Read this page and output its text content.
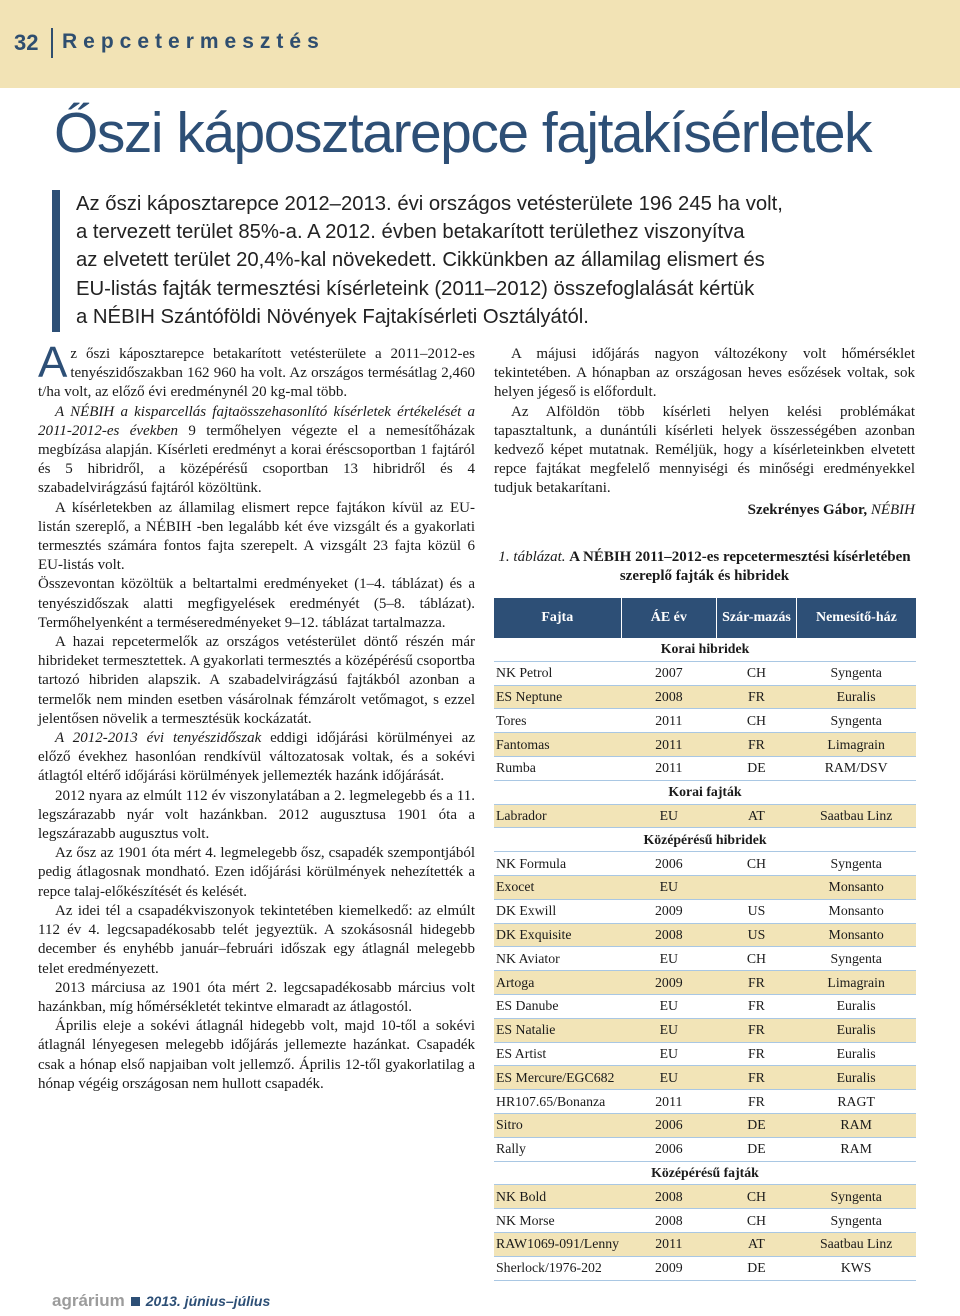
32 Repcetermesztés
Őszi káposztarepce fajtakísérletek

Az őszi káposztarepce 2012–2013. évi országos vetésterülete 196 245 ha volt,

a tervezett terület 85%-a. A 2012. évben betakarított területhez viszonyítva

az elvetett terület 20,4%-kal növekedett. Cikkünkben az államilag elismert és

EU-listás fajták termesztési kísérleteink (2011–2012) összefoglalását kértük

a NÉBIH Szántóföldi Növények Fajtakísérleti Osztályától.

Az őszi káposztarepce betakarított vetésterülete a 2011–2012-es tenyészidőszakban 162 960 ha volt. Az országos termésátlag 2,460 t/ha volt, az előző évi eredménynél 20 kg-mal több.

A NÉBIH a kisparcellás fajtaösszehasonlító kísérletek értékelését a 2011-2012-es években 9 termőhelyen végezte el a nemesítőházak megbízása alapján. Kísérleti eredményt a korai éréscsoportban 1 fajtáról és 5 hibridről, a középérésű csoportban 13 hibridről és 4 szabadelvirágzású fajtáról közöltünk.

A kísérletekben az államilag elismert repce fajtákon kívül az EU-listán szereplő, a NÉBIH -ben legalább két éve vizsgált és a gyakorlati termesztés számára fontos fajta szerepelt. A vizsgált 23 fajta közül 6 EU-listás volt.

Összevontan közöltük a beltartalmi eredményeket (1–4. táblázat) és a tenyészidőszak alatti megfigyelések eredményét (5–8. táblázat). Termőhelyenként a terméseredményeket 9–12. táblázat tartalmazza.

A hazai repcetermelők az országos vetésterület döntő részén már hibrideket termesztettek. A gyakorlati termesztés a középérésű csoportba tartozó hibriden alapszik. A szabadelvirágzású fajtákból azonban a termelők nem minden esetben vásárolnak fémzárolt vetőmagot, s ezzel jelentősen növelik a termesztésük kockázatát.

A 2012-2013 évi tenyészidőszak eddigi időjárási körülményei az előző évekhez hasonlóan rendkívül változatosak voltak, és a sokévi átlagtól eltérő időjárási körülmények jellemezték hazánk időjárását.

2012 nyara az elmúlt 112 év viszonylatában a 2. legmelegebb és a 11. legszárazabb nyár volt hazánkban. 2012 augusztusa 1901 óta a legszárazabb augusztus volt.

Az ősz az 1901 óta mért 4. legmelegebb ősz, csapadék szempontjából pedig átlagosnak mondható. Ezen időjárási körülmények nehezítették a repce talaj-előkészítését és kelését.

Az idei tél a csapadékviszonyok tekintetében kiemelkedő: az elmúlt 112 év 4. legcsapadékosabb telét jegyeztük. A szokásosnál hidegebb december és enyhébb január–februári időszak egy átlagnál melegebb telet eredményezett.

2013 márciusa az 1901 óta mért 2. legcsapadékosabb március volt hazánkban, míg hőmérsékletét tekintve elmaradt az átlagostól.

Április eleje a sokévi átlagnál hidegebb volt, majd 10-től a sokévi átlagnál lényegesen melegebb időjárás jellemezte hazánkat. Csapadék csak a hónap első napjaiban volt jellemző. Április 12-től gyakorlatilag a hónap végéig országosan nem hullott csapadék.

A májusi időjárás nagyon változékony volt hőmérséklet tekintetében. A hónapban az országosan heves esőzések voltak, sok helyen jégeső is előfordult.

Az Alföldön több kísérleti helyen kelési problémákat tapasztaltunk, a dunántúli kísérleti helyek összességében azonban kedvező képet mutatnak. Reméljük, hogy a kísérleteinkben elvetett repce fajtákat megfelelő mennyiségi és minőségi eredményekkel tudjuk betakarítani.

Szekrényes Gábor, NÉBIH

1. táblázat. A NÉBIH 2011–2012-es repcetermesztési kísérletében szereplő fajták és hibridek

Fajta	ÁE év	Szár-mazás	Nemesítő-ház
Korai hibridek			
NK Petrol	2007	CH	Syngenta
ES Neptune	2008	FR	Euralis
Tores	2011	CH	Syngenta
Fantomas	2011	FR	Limagrain
Rumba	2011	DE	RAM/DSV
Korai fajták			
Labrador	EU	AT	Saatbau Linz
Középérésű hibridek			
NK Formula	2006	CH	Syngenta
Exocet	EU		Monsanto
DK Exwill	2009	US	Monsanto
DK Exquisite	2008	US	Monsanto
NK Aviator	EU	CH	Syngenta
Artoga	2009	FR	Limagrain
ES Danube	EU	FR	Euralis
ES Natalie	EU	FR	Euralis
ES Artist	EU	FR	Euralis
ES Mercure/EGC682	EU	FR	Euralis
HR107.65/Bonanza	2011	FR	RAGT
Sitro	2006	DE	RAM
Rally	2006	DE	RAM
Középérésű fajták			
NK Bold	2008	CH	Syngenta
NK Morse	2008	CH	Syngenta
RAW1069-091/Lenny	2011	AT	Saatbau Linz
Sherlock/1976-202	2009	DE	KWS
agrárium 2013. június–július
